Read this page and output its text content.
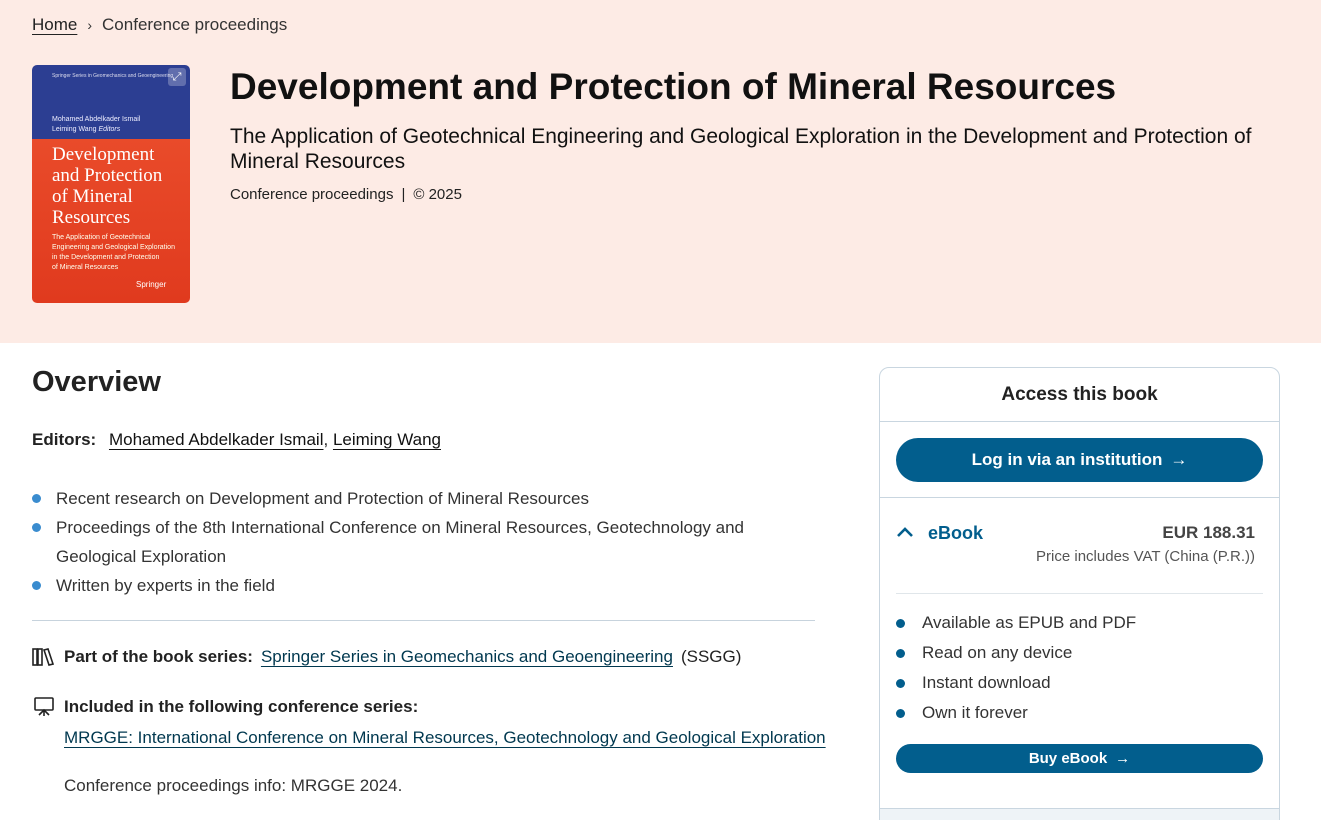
Home › Conference proceedings
Springer Series in Geomechanics and Geoengineering ⤢
Mohamed Abdelkader Ismail
Leiming Wang Editors
Development
and Protection
of Mineral
Resources
The Application of Geotechnical
Engineering and Geological Exploration
in the Development and Protection
of Mineral Resources
Springer
Development and Protection of Mineral Resources
The Application of Geotechnical Engineering and Geological Exploration in the Development and Protection of Mineral Resources
Conference proceedings | © 2025
Overview
Editors: Mohamed Abdelkader Ismail, Leiming Wang
Recent research on Development and Protection of Mineral Resources
Proceedings of the 8th International Conference on Mineral Resources, Geotechnology and Geological Exploration
Written by experts in the field
Part of the book series: Springer Series in Geomechanics and Geoengineering (SSGG)
Included in the following conference series:
MRGGE: International Conference on Mineral Resources, Geotechnology and Geological Exploration
Conference proceedings info: MRGGE 2024.
Access this book
Log in via an institution →
eBook	EUR 188.31
Price includes VAT (China (P.R.))
Available as EPUB and PDF
Read on any device
Instant download
Own it forever
Buy eBook →
